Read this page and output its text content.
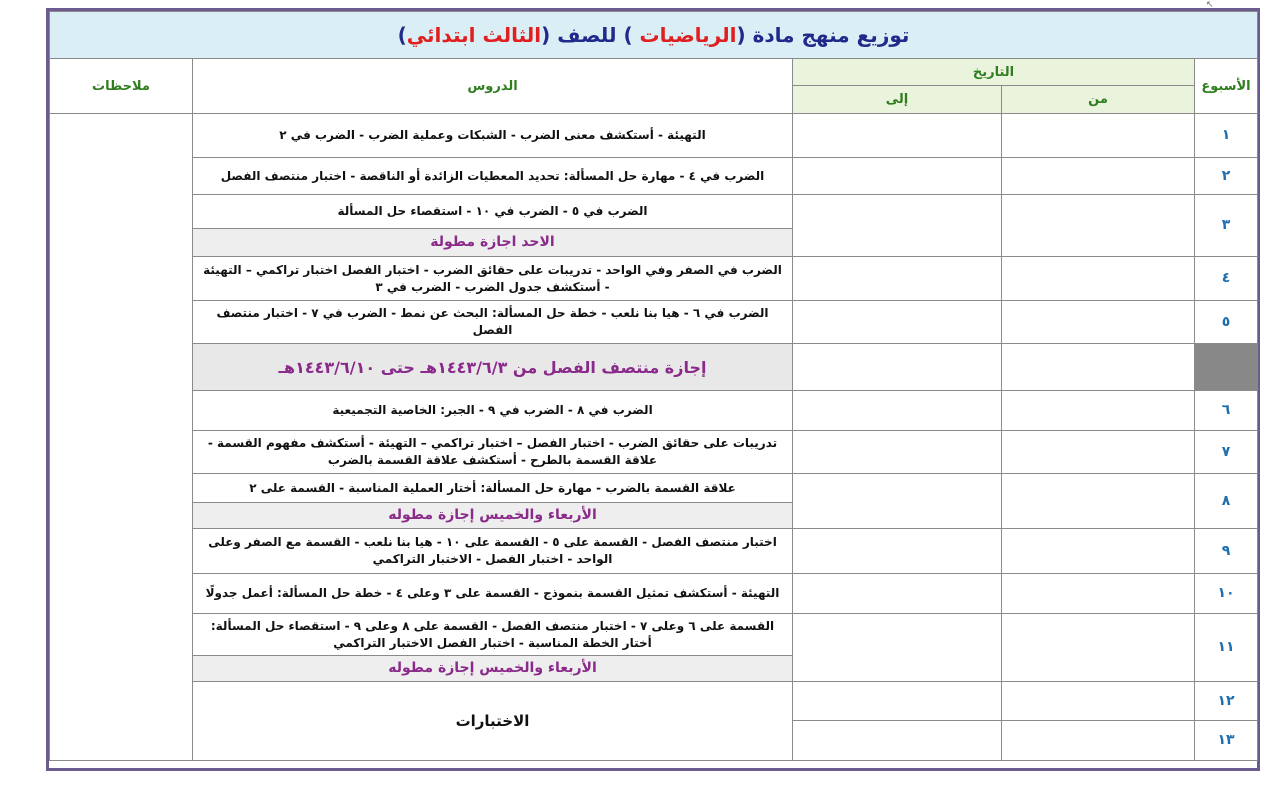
↖
توزيع منهج مادة (الرياضيات ) للصف (الثالث ابتدائي)				
ملاحظات	الدروس	التاريخ		الأسبوع
		إلى	من	
	التهيئة - أستكشف معنى الضرب - الشبكات وعملية الضرب - الضرب في ٢			١
	الضرب في ٤ - مهارة حل المسألة: تحديد المعطيات الزائدة أو الناقصة - اختبار منتصف الفصل			٢
	الضرب في ٥ - الضرب في ١٠ - استقصاء حل المسألة			٣
	الاحد اجازة مطولة			
	الضرب في الصفر وفي الواحد - تدريبات على حقائق الضرب - اختبار الفصل اختبار تراكمي – التهيئة - أستكشف جدول الضرب - الضرب في ٣			٤
	الضرب في ٦ - هيا بنا نلعب - خطة حل المسألة: البحث عن نمط - الضرب في ٧ - اختبار منتصف الفصل			٥
	إجازة منتصف الفصل من ١٤٤٣/٦/٣هـ حتى ١٤٤٣/٦/١٠هـ			
	الضرب في ٨ - الضرب في ٩ - الجبر: الخاصية التجميعية			٦
	تدريبات على حقائق الضرب - اختبار الفصل – اختبار تراكمي – التهيئة - أستكشف مفهوم القسمة - علاقة القسمة بالطرح - أستكشف علاقة القسمة بالضرب			٧
	علاقة القسمة بالضرب - مهارة حل المسألة: أختار العملية المناسبة - القسمة على ٢			٨
	الأربعاء والخميس إجازة مطوله			
	اختبار منتصف الفصل - القسمة على ٥ - القسمة على ١٠ - هيا بنا نلعب - القسمة مع الصفر وعلى الواحد - اختبار الفصل - الاختبار التراكمي			٩
	التهيئة - أستكشف تمثيل القسمة بنموذج - القسمة على ٣ وعلى ٤ - خطة حل المسألة: أعمل جدولًا			١٠
	القسمة على ٦ وعلى ٧ - اختبار منتصف الفصل - القسمة على ٨ وعلى ٩ - استقصاء حل المسألة: أختار الخطة المناسبة - اختبار الفصل الاختبار التراكمي			١١
	الأربعاء والخميس إجازة مطوله			
	الاختبارات			١٢
				١٣
